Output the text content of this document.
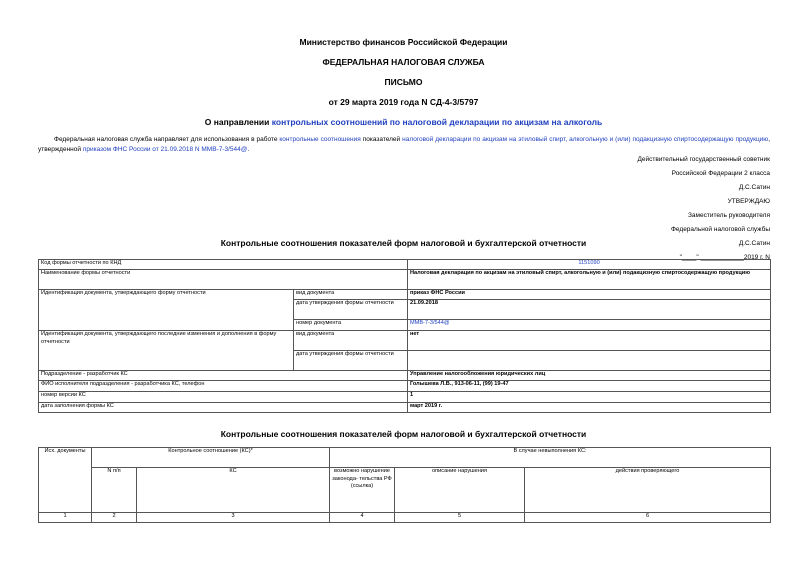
Министерство финансов Российской Федерации
ФЕДЕРАЛЬНАЯ НАЛОГОВАЯ СЛУЖБА
ПИСЬМО
от 29 марта 2019 года N СД-4-3/5797
О направлении контрольных соотношений по налоговой декларации по акцизам на алкоголь
Федеральная налоговая служба направляет для использования в работе контрольные соотношения показателей налоговой декларации по акцизам на этиловый спирт, алкогольную и (или) подакцизную спиртосодержащую продукцию, утвержденной приказом ФНС России от 21.09.2018 N ММВ-7-3/544@.
Действительный государственный советник
Российской Федерации 2 класса
Д.С.Сатин
УТВЕРЖДАЮ
Заместитель руководителя
Федеральной налоговой службы
Д.С.Сатин
"____" ____________2019 г. N
Контрольные соотношения показателей форм налоговой и бухгалтерской отчетности
Код формы отчетности по КНД		1151090
Наименование формы отчетности		Налоговая декларация по акцизам на этиловый спирт, алкогольную и (или) подакцизную спиртосодержащую продукцию
Идентификация документа, утверждающего форму отчетности	вид документа	приказ ФНС России
	дата утверждения формы отчетности	21.09.2018
	номер документа	ММВ-7-3/544@
Идентификация документа, утверждающего последние изменения и дополнения в форму отчетности	вид документа	нет
	дата утверждения формы отчетности	
Подразделение - разработчик КС		Управление налогообложения юридических лиц
ФИО исполнителя подразделения - разработчика КС, телефон		Голышева Л.В., 913-06-11, (99) 19-47
номер версии КС		1
дата заполнения формы КС		март 2019 г.
Контрольные соотношения показателей форм налоговой и бухгалтерской отчетности
Исх. документы	Контрольное соотношение (КС)*		В случае невыполнения КС:		
	N п/п	КС	возможно нарушение законода- тельства РФ (ссылка)	описание нарушения	действия проверяющего
1	2	3	4	5	6
